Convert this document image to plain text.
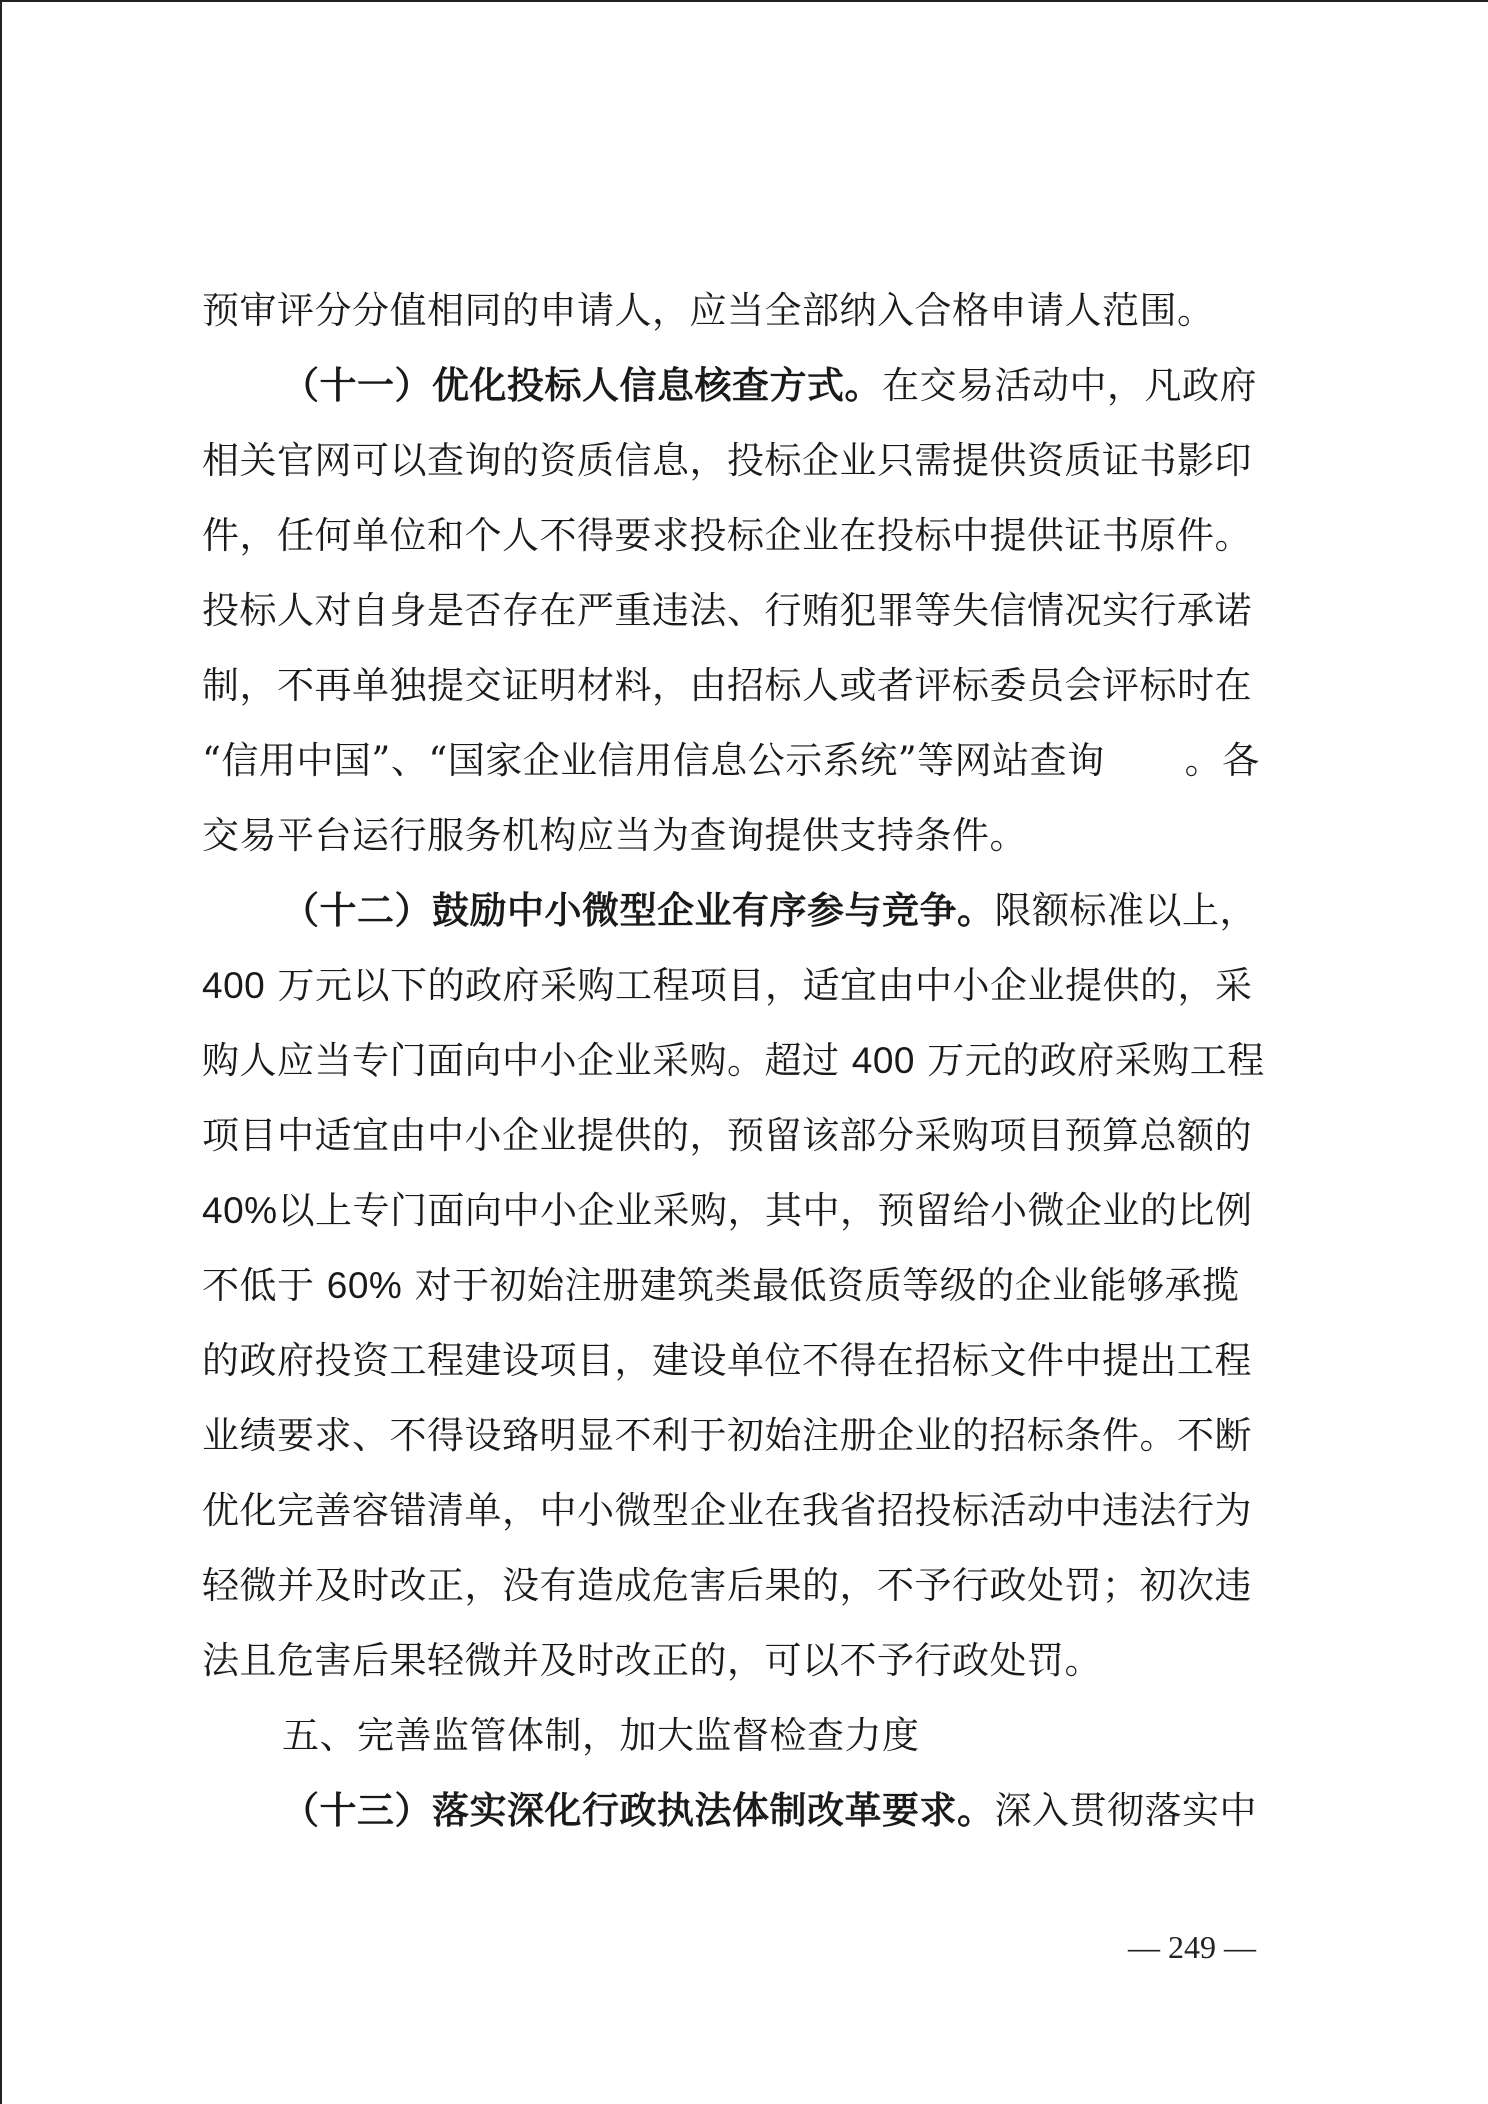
预审评分分值相同的申请人，应当全部纳入合格申请人范围。
（十一）优化投标人信息核查方式。在交易活动中，凡政府
相关官网可以查询的资质信息，投标企业只需提供资质证书影印
件，任何单位和个人不得要求投标企业在投标中提供证书原件。
投标人对自身是否存在严重违法、行贿犯罪等失信情况实行承诺
制，不再单独提交证明材料，由招标人或者评标委员会评标时在
“信用中国”、“国家企业信用信息公示系统”等网站查询 。各
交易平台运行服务机构应当为查询提供支持条件。
（十二）鼓励中小微型企业有序参与竞争。限额标准以上，
400 万元以下的政府采购工程项目，适宜由中小企业提供的，采
购人应当专门面向中小企业采购。超过 400 万元的政府采购工程
项目中适宜由中小企业提供的，预留该部分采购项目预算总额的
40%以上专门面向中小企业采购，其中，预留给小微企业的比例
不低于 60% 对于初始注册建筑类最低资质等级的企业能够承揽
的政府投资工程建设项目，建设单位不得在招标文件中提出工程
业绩要求、不得设臵明显不利于初始注册企业的招标条件。不断
优化完善容错清单，中小微型企业在我省招投标活动中违法行为
轻微并及时改正，没有造成危害后果的，不予行政处罚；初次违
法且危害后果轻微并及时改正的，可以不予行政处罚。
五、完善监管体制，加大监督检查力度
（十三）落实深化行政执法体制改革要求。深入贯彻落实中
— 249 —
